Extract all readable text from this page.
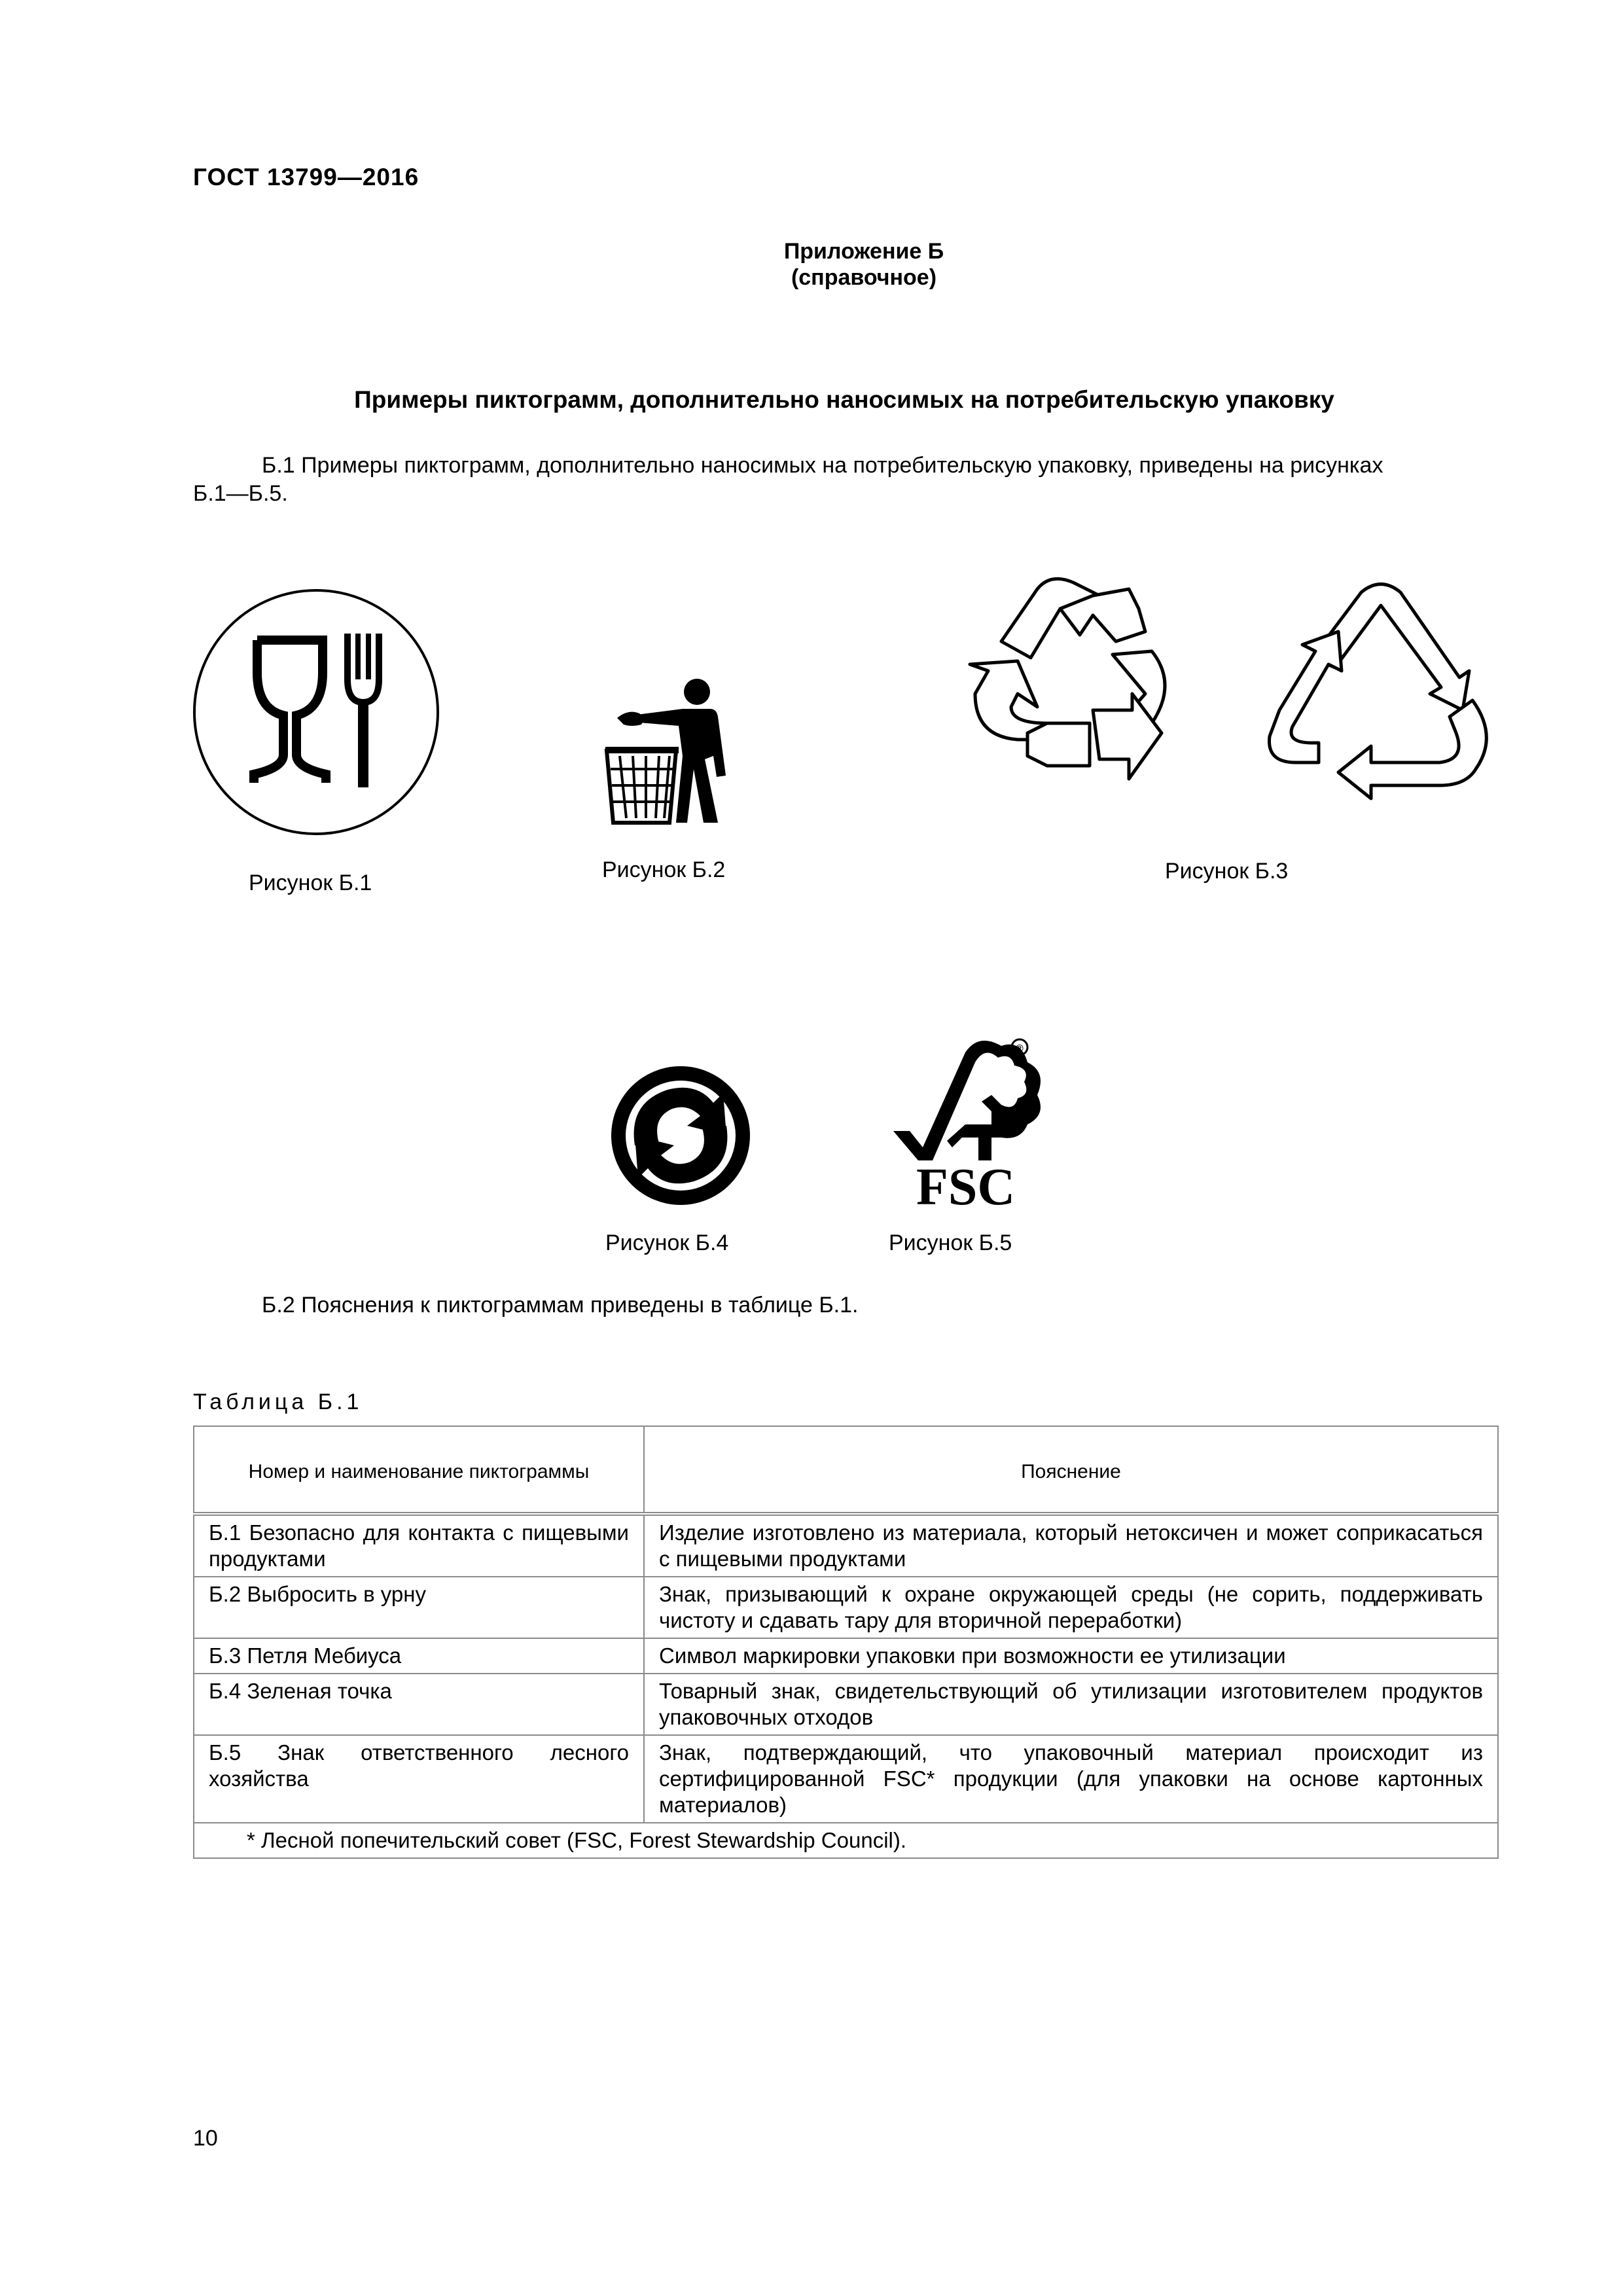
ГОСТ 13799—2016
Приложение Б
(справочное)
Примеры пиктограмм, дополнительно наносимых на потребительскую упаковку
Б.1 Примеры пиктограмм, дополнительно наносимых на потребительскую упаковку, приведены на рисунках
Б.1—Б.5.
Рисунок Б.1
Рисунок Б.2	Рисунок Б.3
Рисунок Б.4
FSC
®
Рисунок Б.5
Б.2 Пояснения к пиктограммам приведены в таблице Б.1.
Таблица Б.1
Номер и наименование пиктограммы	Пояснение
Б.1 Безопасно для контакта с пищевыми продуктами	Изделие изготовлено из материала, который нетоксичен и может соприкасаться с пищевыми продуктами
Б.2 Выбросить в урну	Знак, призывающий к охране окружающей среды (не сорить, поддерживать чистоту и сдавать тару для вторичной переработки)
Б.3 Петля Мебиуса	Символ маркировки упаковки при возможности ее утилизации
Б.4 Зеленая точка	Товарный знак, свидетельствующий об утилизации изготовителем продуктов упаковочных отходов
Б.5 Знак ответственного лесного хозяйства	Знак, подтверждающий, что упаковочный материал происходит из сертифицированной FSC* продукции (для упаковки на основе картонных материалов)
* Лесной попечительский совет (FSC, Forest Stewardship Council).	
10
